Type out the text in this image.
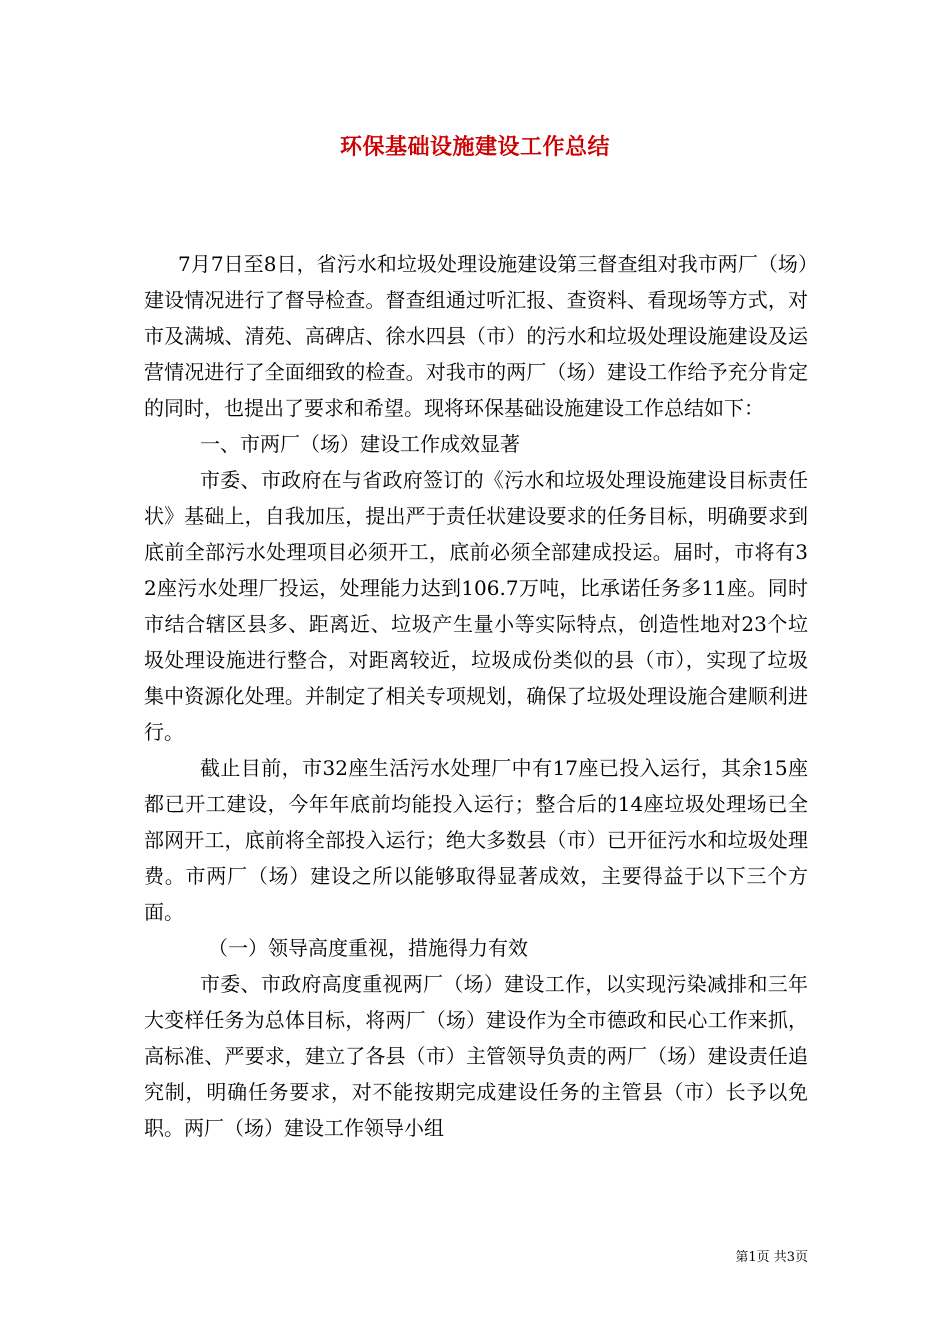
环保基础设施建设工作总结

7月7日至8日，省污水和垃圾处理设施建设第三督查组对我市两厂（场）建设情况进行了督导检查。督查组通过听汇报、查资料、看现场等方式，对市及满城、清苑、高碑店、徐水四县（市）的污水和垃圾处理设施建设及运营情况进行了全面细致的检查。对我市的两厂（场）建设工作给予充分肯定的同时，也提出了要求和希望。现将环保基础设施建设工作总结如下：

一、市两厂（场）建设工作成效显著

市委、市政府在与省政府签订的《污水和垃圾处理设施建设目标责任状》基础上，自我加压，提出严于责任状建设要求的任务目标，明确要求到底前全部污水处理项目必须开工，底前必须全部建成投运。届时，市将有32座污水处理厂投运，处理能力达到106.7万吨，比承诺任务多11座。同时市结合辖区县多、距离近、垃圾产生量小等实际特点，创造性地对23个垃圾处理设施进行整合，对距离较近，垃圾成份类似的县（市），实现了垃圾集中资源化处理。并制定了相关专项规划，确保了垃圾处理设施合建顺利进行。

截止目前，市32座生活污水处理厂中有17座已投入运行，其余15座都已开工建设，今年年底前均能投入运行；整合后的14座垃圾处理场已全部网开工，底前将全部投入运行；绝大多数县（市）已开征污水和垃圾处理费。市两厂（场）建设之所以能够取得显著成效，主要得益于以下三个方面。

（一）领导高度重视，措施得力有效

市委、市政府高度重视两厂（场）建设工作，以实现污染减排和三年大变样任务为总体目标，将两厂（场）建设作为全市德政和民心工作来抓，高标准、严要求，建立了各县（市）主管领导负责的两厂（场）建设责任追究制，明确任务要求，对不能按期完成建设任务的主管县（市）长予以免职。两厂（场）建设工作领导小组

第1页 共3页
